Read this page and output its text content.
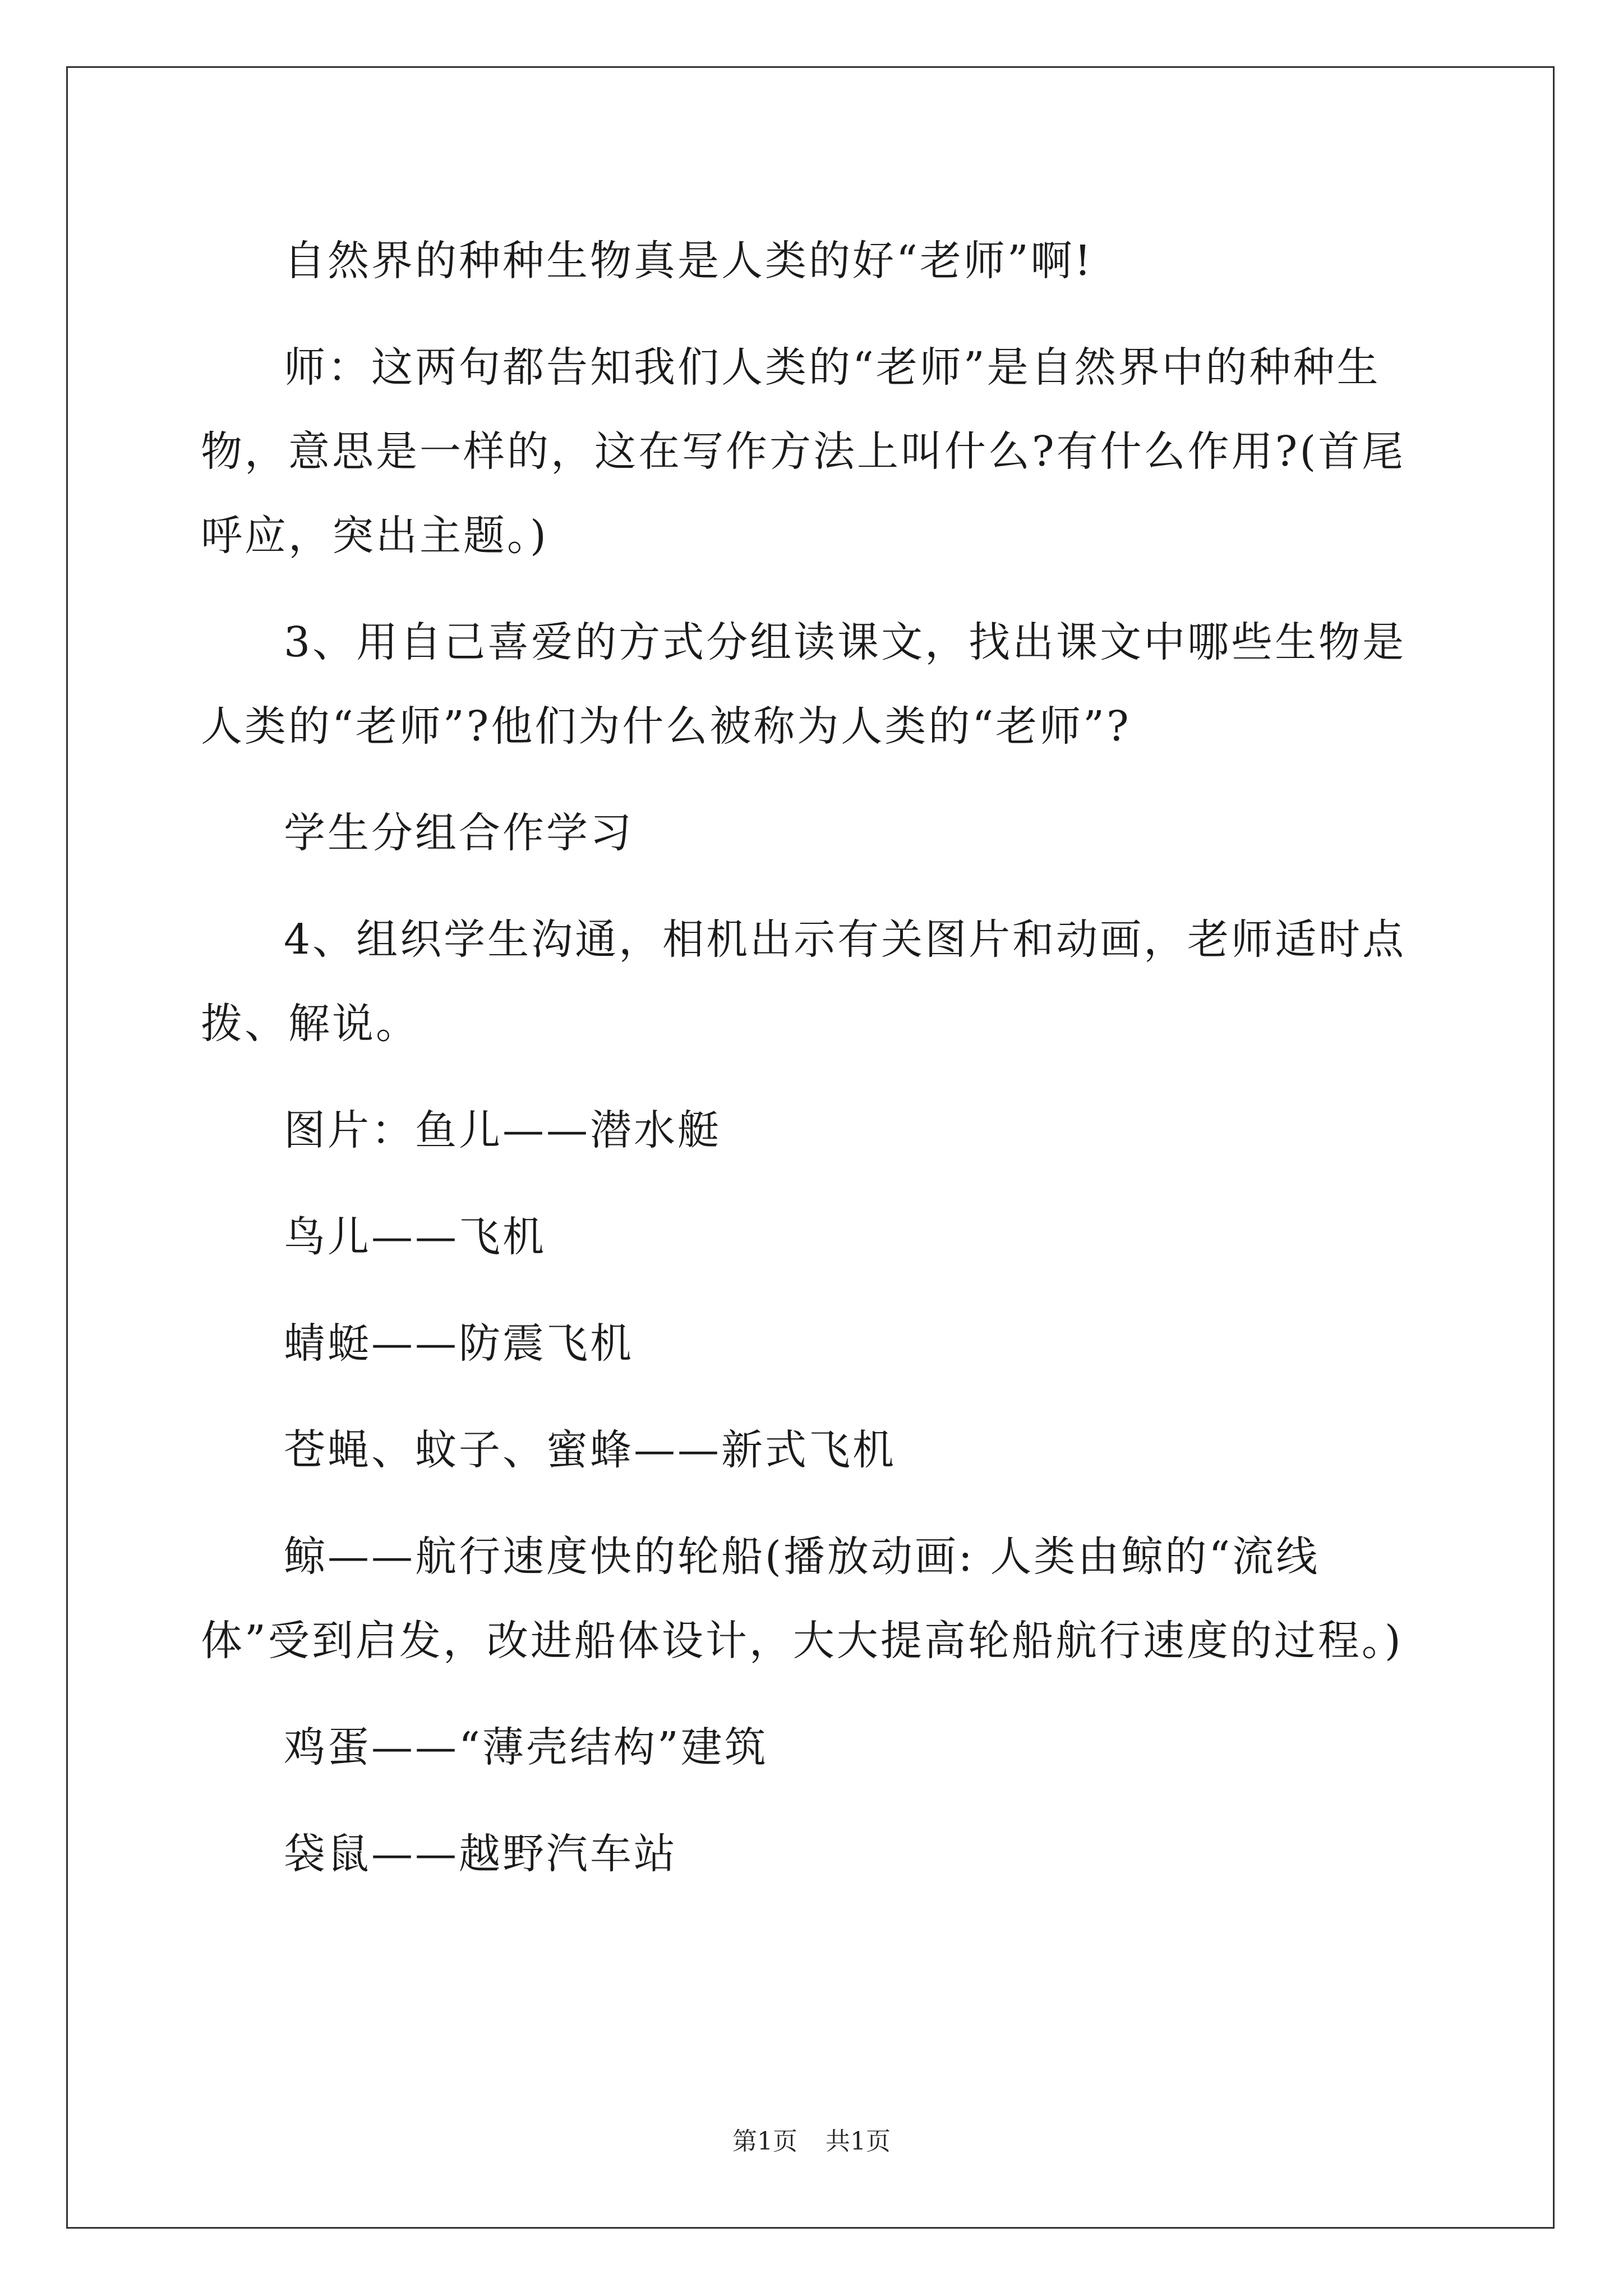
自然界的种种生物真是人类的好“老师”啊!

师：这两句都告知我们人类的“老师”是自然界中的种种生物，意思是一样的，这在写作方法上叫什么?有什么作用?(首尾呼应，突出主题。)

3、用自己喜爱的方式分组读课文，找出课文中哪些生物是人类的“老师”?他们为什么被称为人类的“老师”?

学生分组合作学习

4、组织学生沟通，相机出示有关图片和动画，老师适时点拨、解说。

图片：鱼儿——潜水艇

鸟儿——飞机

蜻蜓——防震飞机

苍蝇、蚊子、蜜蜂——新式飞机

鲸——航行速度快的轮船(播放动画: 人类由鲸的“流线体”受到启发，改进船体设计，大大提高轮船航行速度的过程。)

鸡蛋——“薄壳结构”建筑

袋鼠——越野汽车站

第1页 共1页
